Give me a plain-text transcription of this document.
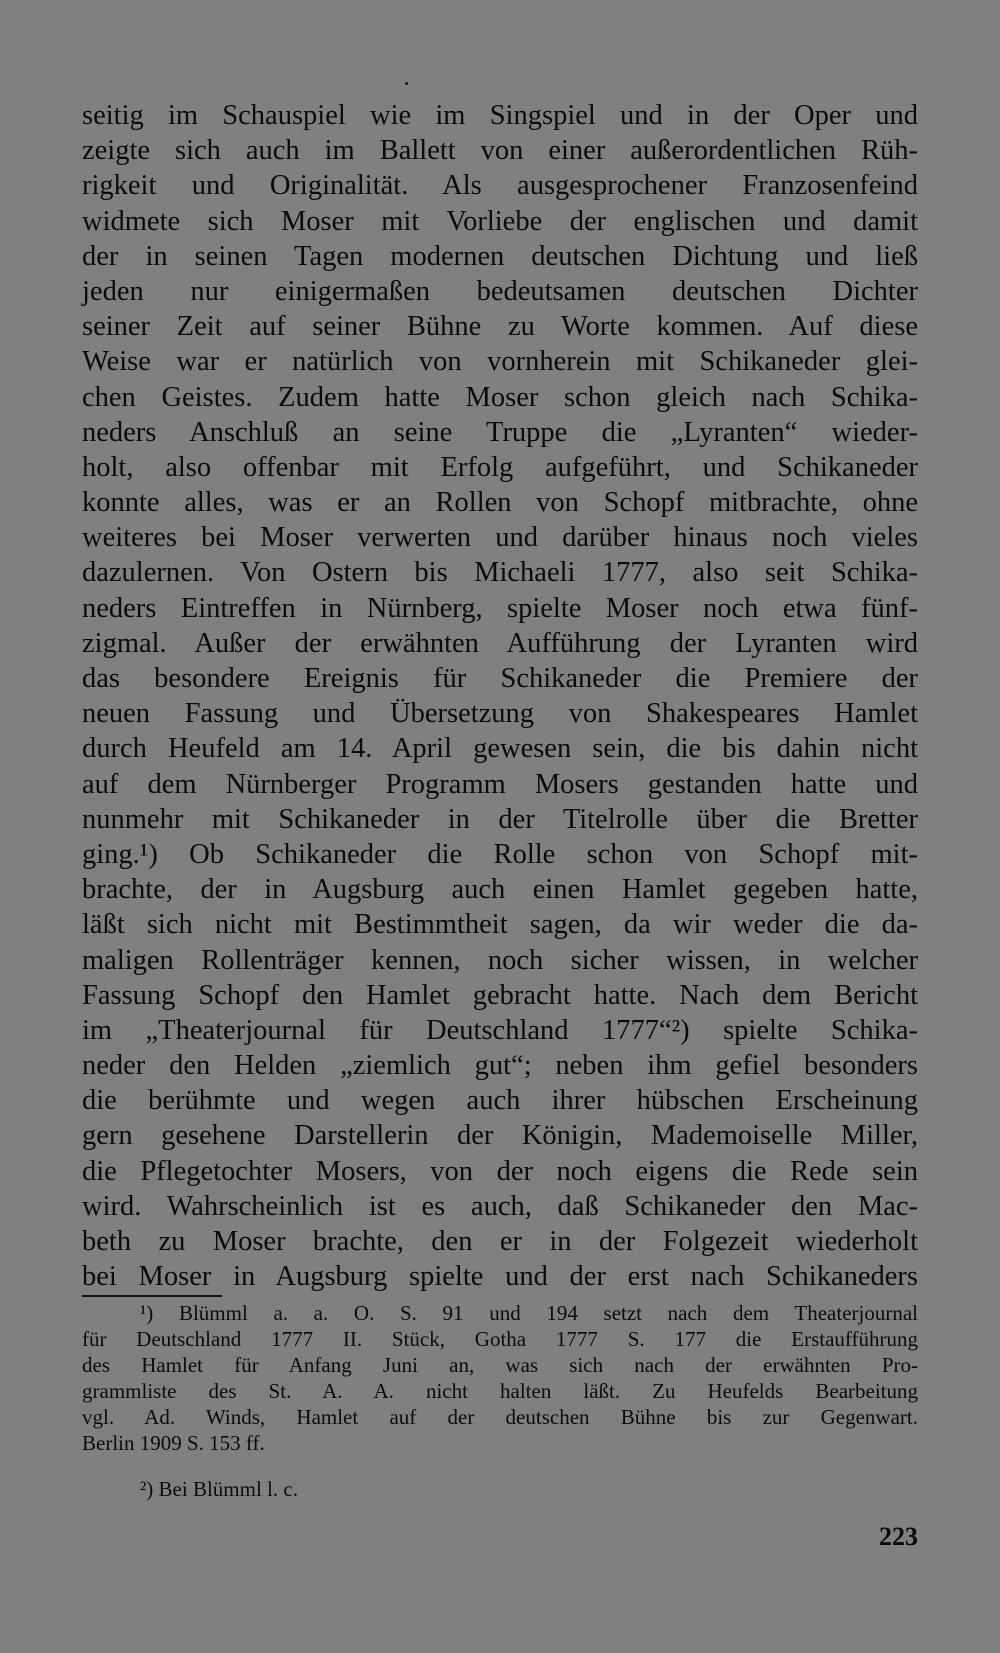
seitig im Schauspiel wie im Singspiel und in der Oper und
zeigte sich auch im Ballett von einer außerordentlichen Rüh-
rigkeit und Originalität. Als ausgesprochener Franzosenfeind
widmete sich Moser mit Vorliebe der englischen und damit
der in seinen Tagen modernen deutschen Dichtung und ließ
jeden nur einigermaßen bedeutsamen deutschen Dichter
seiner Zeit auf seiner Bühne zu Worte kommen. Auf diese
Weise war er natürlich von vornherein mit Schikaneder glei-
chen Geistes. Zudem hatte Moser schon gleich nach Schika-
neders Anschluß an seine Truppe die „Lyranten“ wieder-
holt, also offenbar mit Erfolg aufgeführt, und Schikaneder
konnte alles, was er an Rollen von Schopf mitbrachte, ohne
weiteres bei Moser verwerten und darüber hinaus noch vieles
dazulernen. Von Ostern bis Michaeli 1777, also seit Schika-
neders Eintreffen in Nürnberg, spielte Moser noch etwa fünf-
zigmal. Außer der erwähnten Aufführung der Lyranten wird
das besondere Ereignis für Schikaneder die Premiere der
neuen Fassung und Übersetzung von Shakespeares Hamlet
durch Heufeld am 14. April gewesen sein, die bis dahin nicht
auf dem Nürnberger Programm Mosers gestanden hatte und
nunmehr mit Schikaneder in der Titelrolle über die Bretter
ging.¹) Ob Schikaneder die Rolle schon von Schopf mit-
brachte, der in Augsburg auch einen Hamlet gegeben hatte,
läßt sich nicht mit Bestimmtheit sagen, da wir weder die da-
maligen Rollenträger kennen, noch sicher wissen, in welcher
Fassung Schopf den Hamlet gebracht hatte. Nach dem Bericht
im „Theaterjournal für Deutschland 1777“²) spielte Schika-
neder den Helden „ziemlich gut“; neben ihm gefiel besonders
die berühmte und wegen auch ihrer hübschen Erscheinung
gern gesehene Darstellerin der Königin, Mademoiselle Miller,
die Pflegetochter Mosers, von der noch eigens die Rede sein
wird. Wahrscheinlich ist es auch, daß Schikaneder den Mac-
beth zu Moser brachte, den er in der Folgezeit wiederholt
bei Moser in Augsburg spielte und der erst nach Schikaneders
¹) Blümml a. a. O. S. 91 und 194 setzt nach dem Theaterjournal
für Deutschland 1777 II. Stück, Gotha 1777 S. 177 die Erstaufführung
des Hamlet für Anfang Juni an, was sich nach der erwähnten Pro-
grammliste des St. A. A. nicht halten läßt. Zu Heufelds Bearbeitung
vgl. Ad. Winds, Hamlet auf der deutschen Bühne bis zur Gegenwart.
Berlin 1909 S. 153 ff.
²) Bei Blümml l. c.
223
